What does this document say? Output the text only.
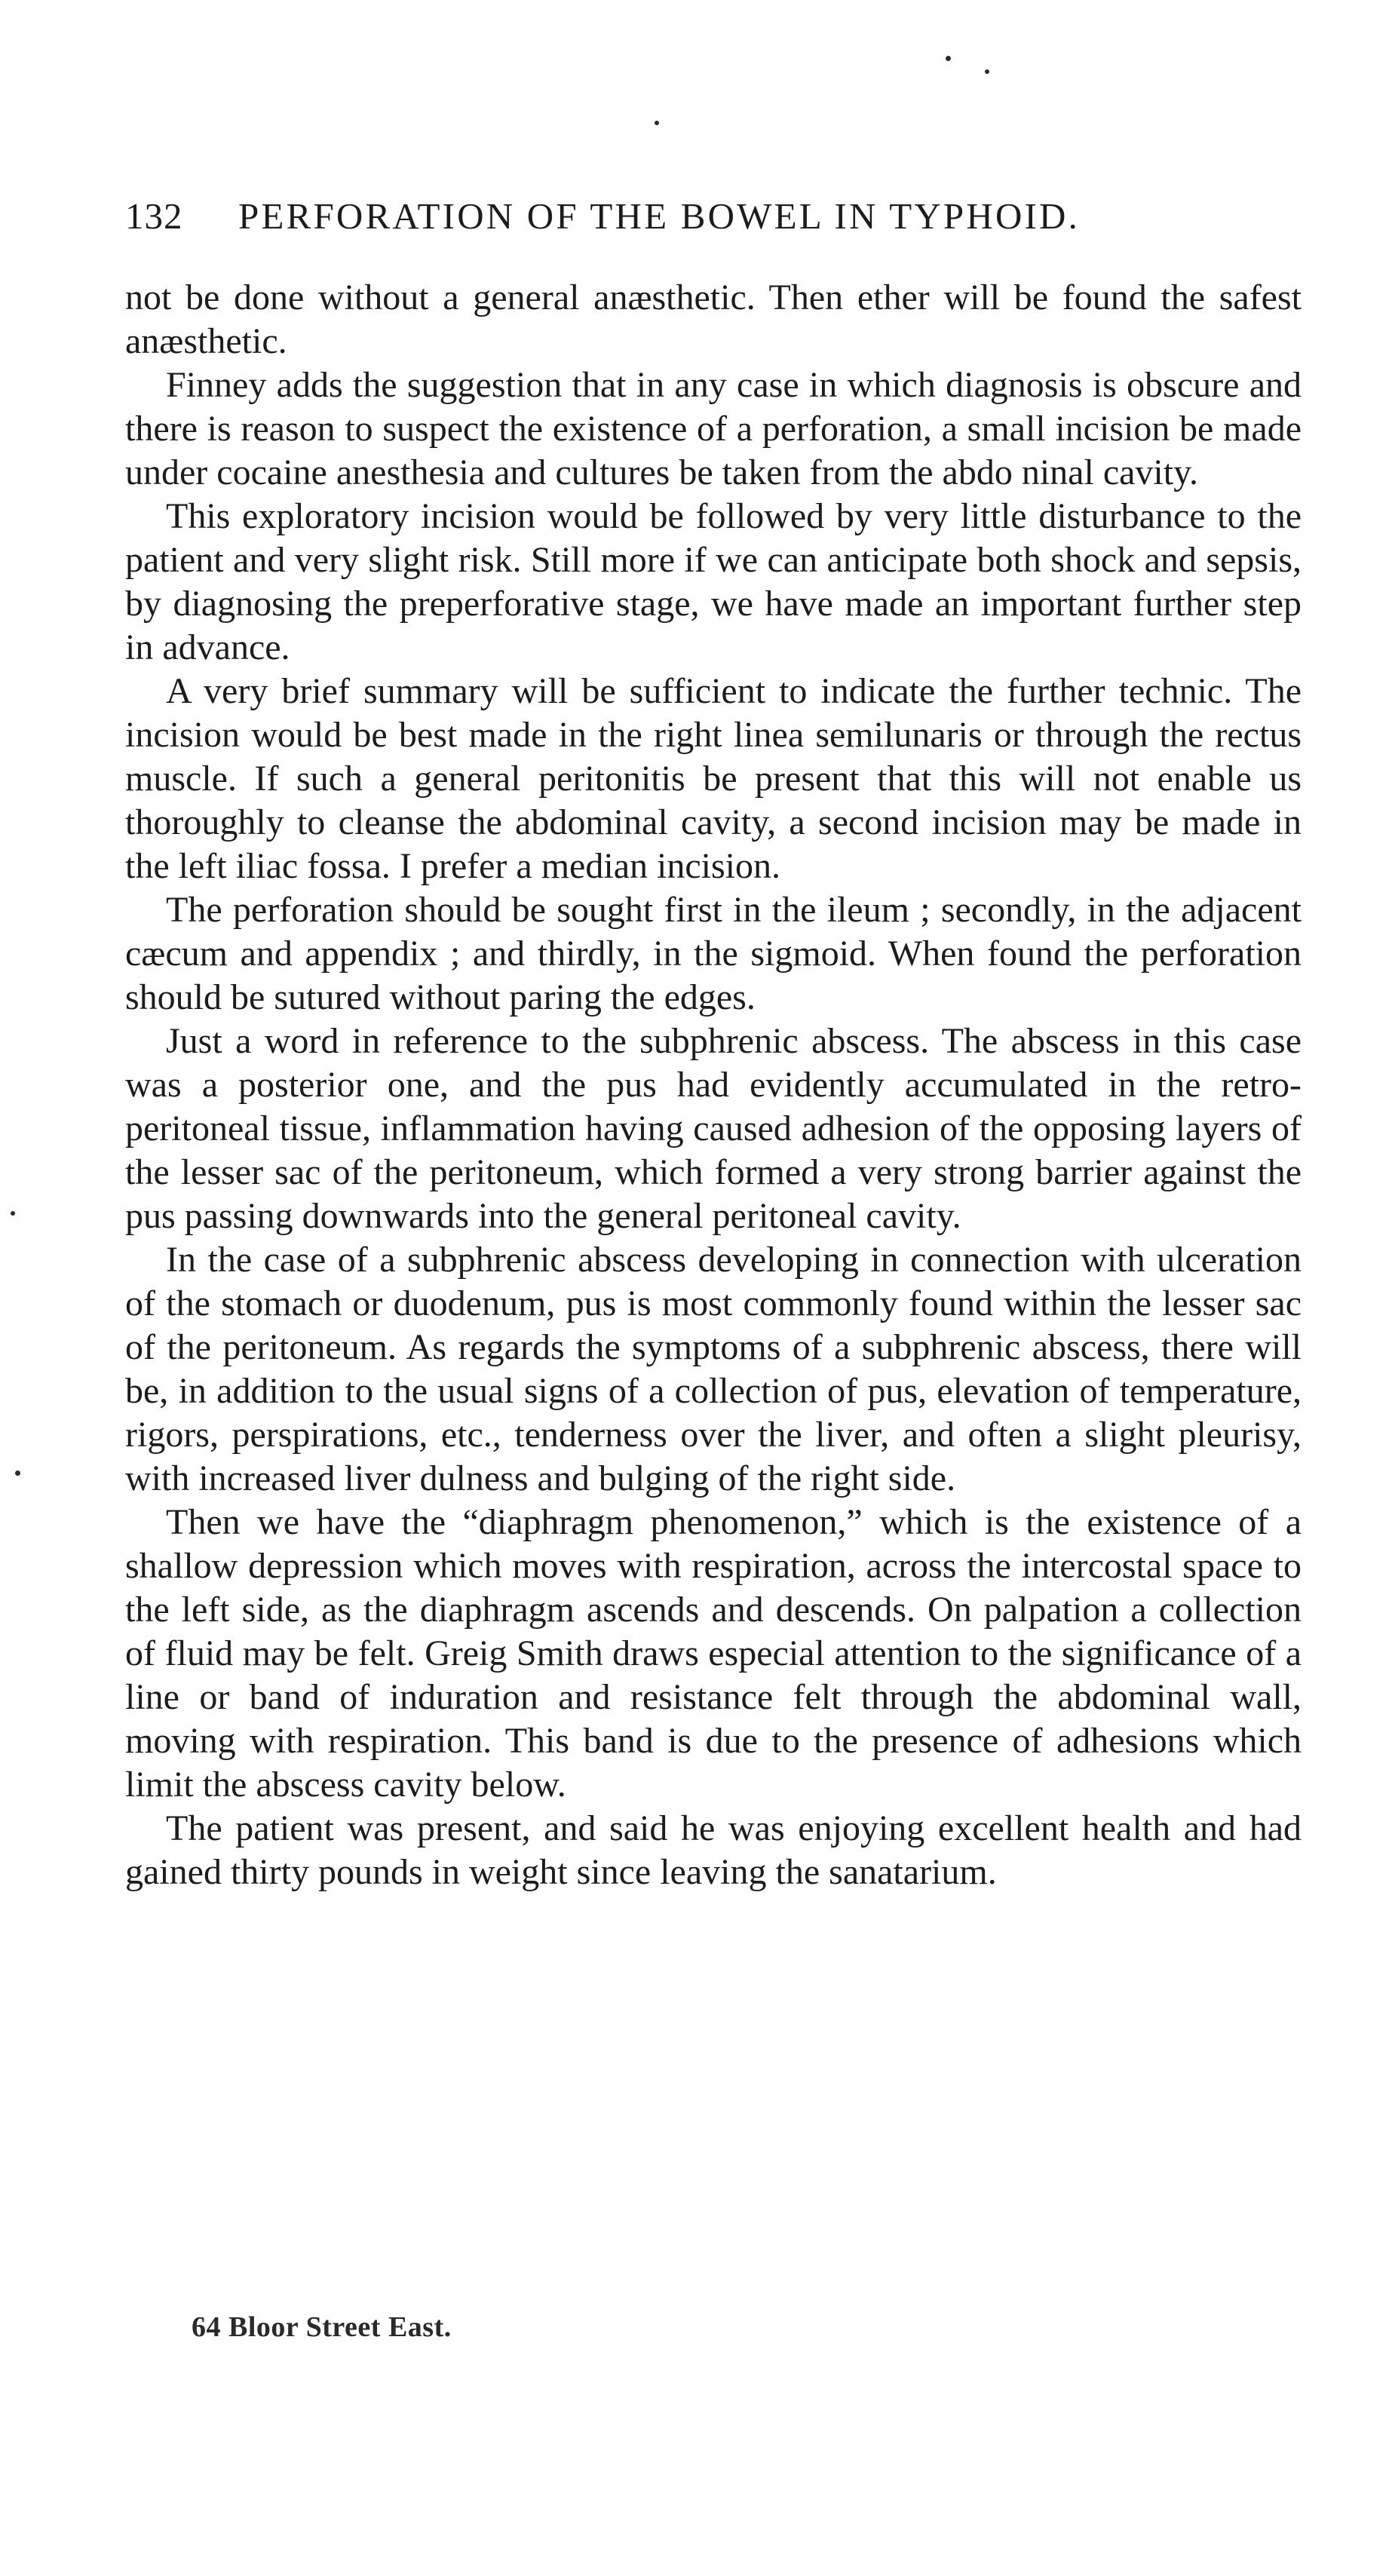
132	PERFORATION OF THE BOWEL IN TYPHOID.

not be done without a general anæsthetic. Then ether will be found the safest anæsthetic.

Finney adds the suggestion that in any case in which diagnosis is obscure and there is reason to suspect the existence of a perforation, a small incision be made under cocaine anesthesia and cultures be taken from the abdo ninal cavity.

This exploratory incision would be followed by very little disturbance to the patient and very slight risk. Still more if we can anticipate both shock and sepsis, by diagnosing the preperforative stage, we have made an important further step in advance.

A very brief summary will be sufficient to indicate the further technic. The incision would be best made in the right linea semilunaris or through the rectus muscle. If such a general peritonitis be present that this will not enable us thoroughly to cleanse the abdominal cavity, a second incision may be made in the left iliac fossa. I prefer a median incision.

The perforation should be sought first in the ileum ; secondly, in the adjacent cæcum and appendix ; and thirdly, in the sigmoid. When found the perforation should be sutured without paring the edges.

Just a word in reference to the subphrenic abscess. The abscess in this case was a posterior one, and the pus had evidently accumulated in the retro-peritoneal tissue, inflammation having caused adhesion of the opposing layers of the lesser sac of the peritoneum, which formed a very strong barrier against the pus passing downwards into the general peritoneal cavity.

In the case of a subphrenic abscess developing in connection with ulceration of the stomach or duodenum, pus is most commonly found within the lesser sac of the peritoneum. As regards the symptoms of a subphrenic abscess, there will be, in addition to the usual signs of a collection of pus, elevation of temperature, rigors, perspirations, etc., tenderness over the liver, and often a slight pleurisy, with increased liver dulness and bulging of the right side.

Then we have the “diaphragm phenomenon,” which is the existence of a shallow depression which moves with respiration, across the intercostal space to the left side, as the diaphragm ascends and descends. On palpation a collection of fluid may be felt. Greig Smith draws especial attention to the significance of a line or band of induration and resistance felt through the abdominal wall, moving with respiration. This band is due to the presence of adhesions which limit the abscess cavity below.

The patient was present, and said he was enjoying excellent health and had gained thirty pounds in weight since leaving the sanatarium.

64 Bloor Street East.
